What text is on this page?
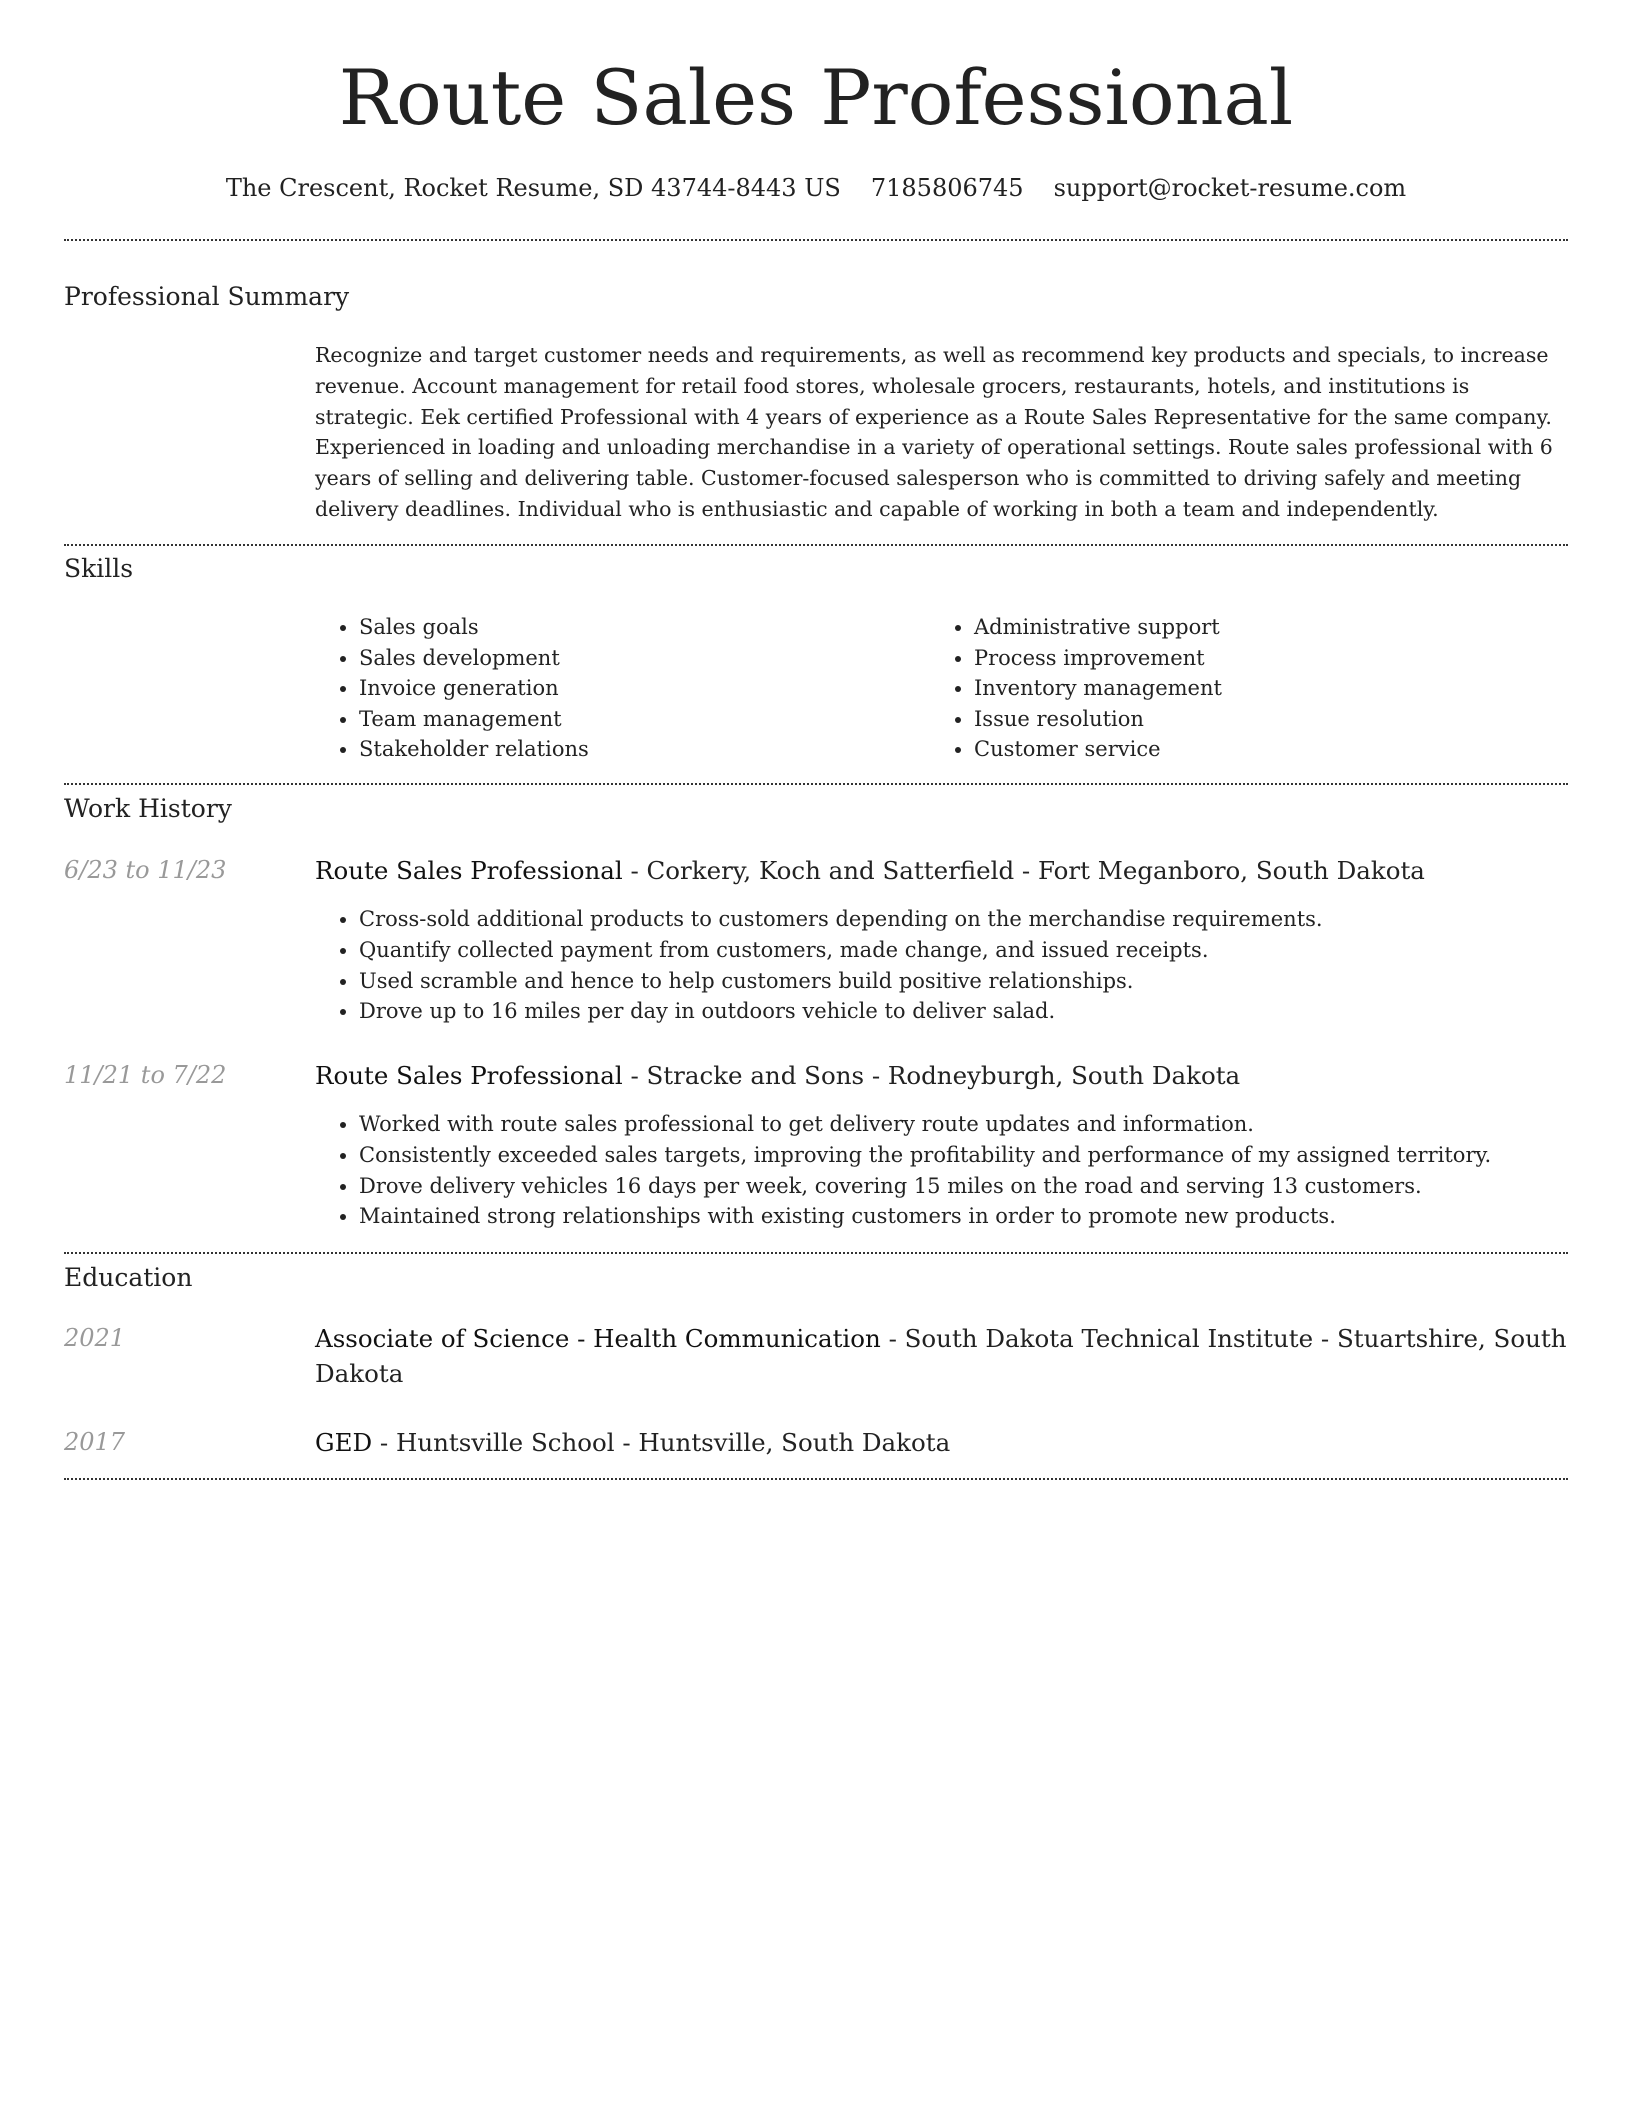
Route Sales Professional
The Crescent, Rocket Resume, SD 43744-8443 US 7185806745 support@rocket-resume.com
Professional Summary

Recognize and target customer needs and requirements, as well as recommend key products and specials, to increase revenue. Account management for retail food stores, wholesale grocers, restaurants, hotels, and institutions is strategic. Eek certified Professional with 4 years of experience as a Route Sales Representative for the same company. Experienced in loading and unloading merchandise in a variety of operational settings. Route sales professional with 6 years of selling and delivering table. Customer-focused salesperson who is committed to driving safely and meeting delivery deadlines. Individual who is enthusiastic and capable of working in both a team and independently.

Skills
• Sales goals
• Sales development
• Invoice generation
• Team management
• Stakeholder relations
• Administrative support
• Process improvement
• Inventory management
• Issue resolution
• Customer service
Work History
6/23 to 11/23	Route Sales Professional - Corkery, Koch and Satterfield - Fort Meganboro, South Dakota
• Cross-sold additional products to customers depending on the merchandise requirements.
• Quantify collected payment from customers, made change, and issued receipts.
• Used scramble and hence to help customers build positive relationships.
• Drove up to 16 miles per day in outdoors vehicle to deliver salad.
11/21 to 7/22	Route Sales Professional - Stracke and Sons - Rodneyburgh, South Dakota
• Worked with route sales professional to get delivery route updates and information.
• Consistently exceeded sales targets, improving the profitability and performance of my assigned territory.
• Drove delivery vehicles 16 days per week, covering 15 miles on the road and serving 13 customers.
• Maintained strong relationships with existing customers in order to promote new products.
Education
2021	Associate of Science - Health Communication - South Dakota Technical Institute - Stuartshire, South Dakota
2017	GED - Huntsville School - Huntsville, South Dakota
